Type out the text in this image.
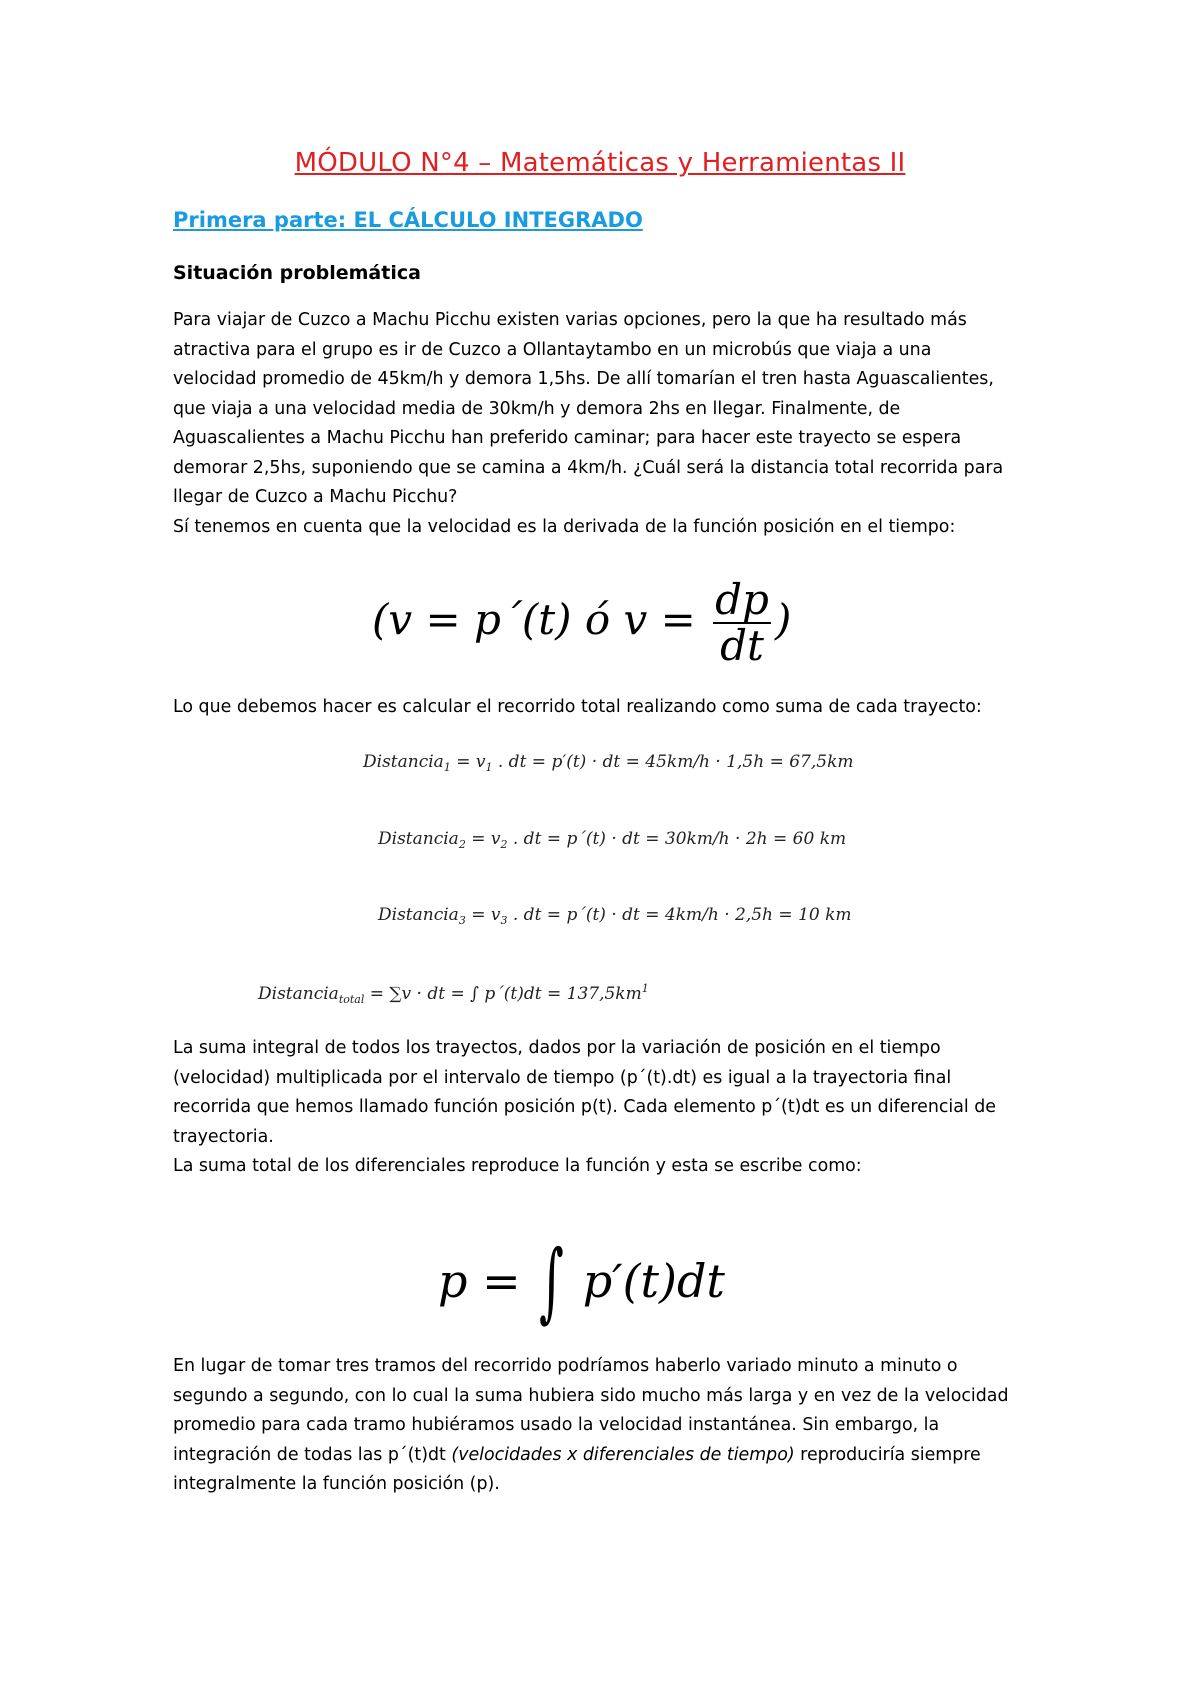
MÓDULO N°4 – Matemáticas y Herramientas II
Primera parte: EL CÁLCULO INTEGRADO
Situación problemática
Para viajar de Cuzco a Machu Picchu existen varias opciones, pero la que ha resultado más
atractiva para el grupo es ir de Cuzco a Ollantaytambo en un microbús que viaja a una
velocidad promedio de 45km/h y demora 1,5hs. De allí tomarían el tren hasta Aguascalientes,
que viaja a una velocidad media de 30km/h y demora 2hs en llegar. Finalmente, de
Aguascalientes a Machu Picchu han preferido caminar; para hacer este trayecto se espera
demorar 2,5hs, suponiendo que se camina a 4km/h. ¿Cuál será la distancia total recorrida para
llegar de Cuzco a Machu Picchu?
Sí tenemos en cuenta que la velocidad es la derivada de la función posición en el tiempo:
(v = p´(t) ó $v = \frac{dp}{dt}$ )
Lo que debemos hacer es calcular el recorrido total realizando como suma de cada trayecto:
Distancia$_1$ = $v_1$ . dt = p′(t) · dt = 45km/h · 1,5h = 67,5km
Distancia$_2$ = $v_2$ . dt = p´(t) · dt = 30km/h · 2h = 60 km
Distancia$_3$ = $v_3$ . dt = p´(t) · dt = 4km/h · 2,5h = 10 km
Distancia$_{total}$ = ∑v · dt = ∫ p´(t)dt = $137,5km^1$
La suma integral de todos los trayectos, dados por la variación de posición en el tiempo
(velocidad) multiplicada por el intervalo de tiempo (p´(t).dt) es igual a la trayectoria final
recorrida que hemos llamado función posición p(t). Cada elemento p´(t)dt es un diferencial de
trayectoria.
La suma total de los diferenciales reproduce la función y esta se escribe como:
p = ∫ p′(t)dt
En lugar de tomar tres tramos del recorrido podríamos haberlo variado minuto a minuto o
segundo a segundo, con lo cual la suma hubiera sido mucho más larga y en vez de la velocidad
promedio para cada tramo hubiéramos usado la velocidad instantánea. Sin embargo, la
integración de todas las p´(t)dt (velocidades x diferenciales de tiempo) reproduciría siempre
integralmente la función posición (p).
